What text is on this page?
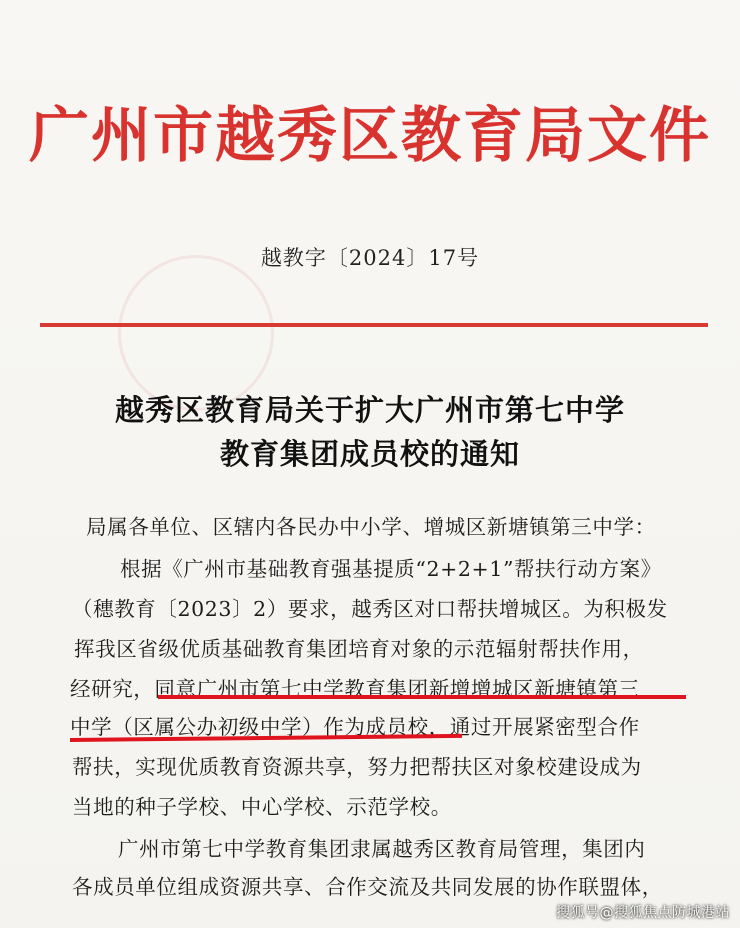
广州市越秀区教育局文件
越教字〔2024〕17号
越秀区教育局关于扩大广州市第七中学
教育集团成员校的通知
局属各单位、区辖内各民办中小学、增城区新塘镇第三中学：
根据《广州市基础教育强基提质“2+2+1”帮扶行动方案》
（穗教育〔2023〕2）要求，越秀区对口帮扶增城区。为积极发
挥我区省级优质基础教育集团培育对象的示范辐射帮扶作用，
经研究，同意广州市第七中学教育集团新增增城区新塘镇第三
中学（区属公办初级中学）作为成员校，通过开展紧密型合作
帮扶，实现优质教育资源共享，努力把帮扶区对象校建设成为
当地的种子学校、中心学校、示范学校。
广州市第七中学教育集团隶属越秀区教育局管理，集团内
各成员单位组成资源共享、合作交流及共同发展的协作联盟体，
搜狐号@搜狐焦点防城港站
